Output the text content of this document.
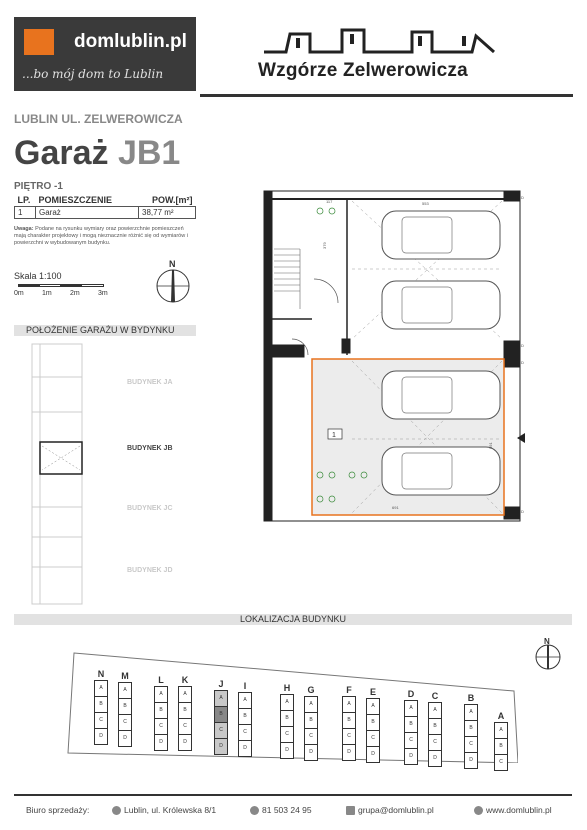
domlublin.pl
...bo mój dom to Lublin	Wzgórze Zelwerowicza
LUBLIN UL. ZELWEROWICZA
Garaż JB1
PIĘTRO -1
LP.	POMIESZCZENIE	POW.[m²]
1	Garaż	38,77 m²
Uwaga: Podane na rysunku wymiary oraz powierzchnie pomieszczeń mają charakter projektowy i mogą nieznacznie różnić się od wymiarów i powierzchni w wybudowanym budynku.
Skala 1:100
0m	1m	2m	3m
N
POŁOŻENIE GARAŻU W BYDYNKU
BUDYNEK JA
BUDYNEK JB
BUDYNEK JC
BUDYNEK JD
1
553
117
379
691
591
D
D
D
D
LOKALIZACJA BUDYNKU
N
N
A
B
C
D
M
A
B
C
D
L
A
B
C
D
K
A
B
C
D
J
A
B
C
D
I
A
B
C
D
H
A
B
C
D
G
A
B
C
D
F
A
B
C
D
E
A
B
C
D
D
A
B
C
D
C
A
B
C
D
B
A
B
C
D
A
A
B
C
Biuro sprzedaży:	Lublin, ul. Królewska 8/1	81 503 24 95	grupa@domlublin.pl	www.domlublin.pl
